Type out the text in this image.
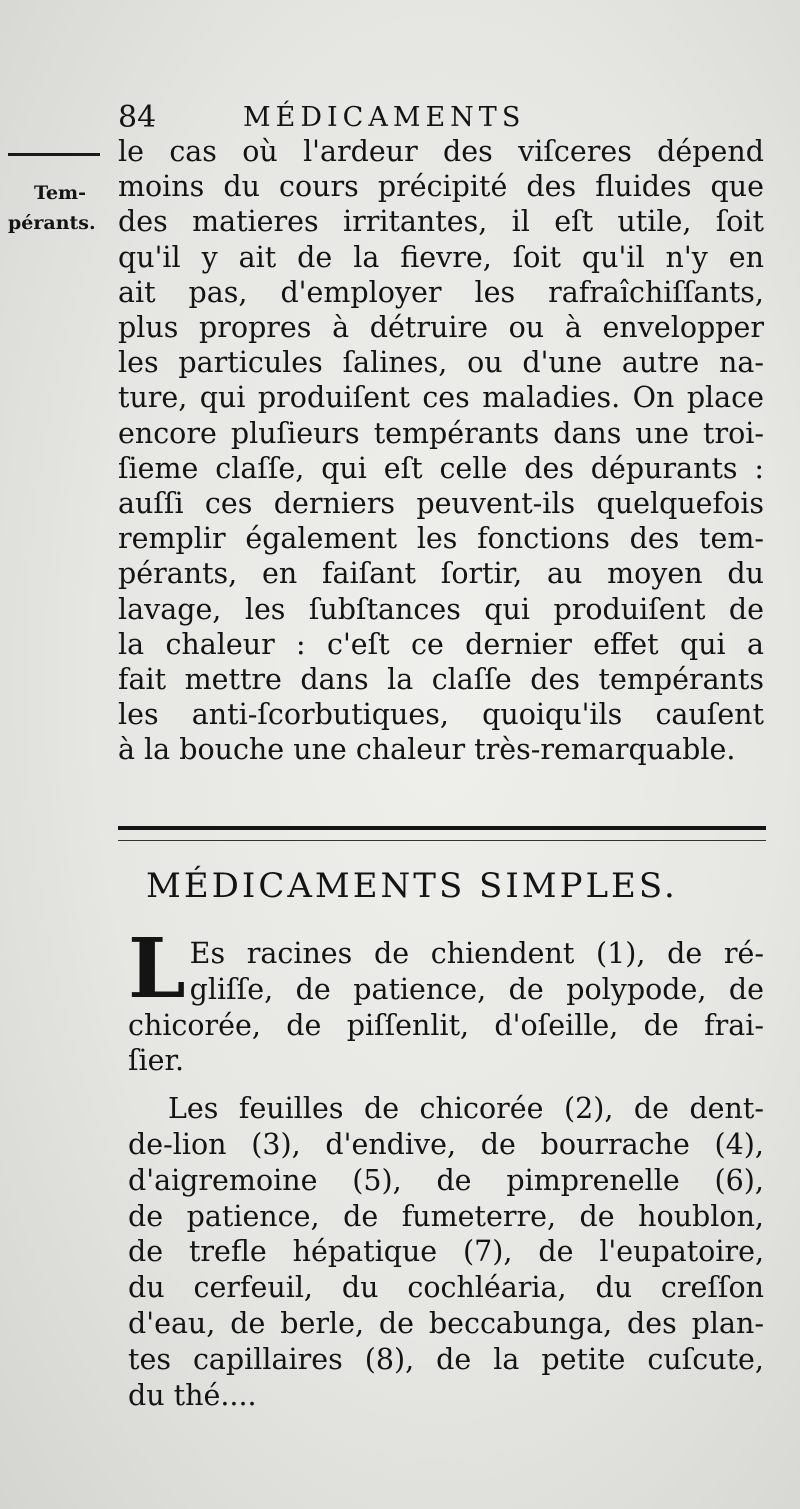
84	MÉDICAMENTS
Tem-
pérants.
le cas où l'ardeur des viſceres dépend
moins du cours précipité des fluides que
des matieres irritantes, il eſt utile, ſoit
qu'il y ait de la fievre, ſoit qu'il n'y en
ait pas, d'employer les rafraîchiſſants,
plus propres à détruire ou à envelopper
les particules ſalines, ou d'une autre na-
ture, qui produiſent ces maladies. On place
encore pluſieurs tempérants dans une troi-
ſieme claſſe, qui eſt celle des dépurants :
auſſi ces derniers peuvent-ils quelquefois
remplir également les fonctions des tem-
pérants, en faiſant ſortir, au moyen du
lavage, les ſubſtances qui produiſent de
la chaleur : c'eſt ce dernier effet qui a
fait mettre dans la claſſe des tempérants
les anti-ſcorbutiques, quoiqu'ils cauſent
à la bouche une chaleur très-remarquable.
MÉDICAMENTS SIMPLES.
L Es racines de chiendent (1), de ré-
gliſſe, de patience, de polypode, de
chicorée, de piſſenlit, d'oſeille, de frai-
ſier.
Les feuilles de chicorée (2), de dent-
de-lion (3), d'endive, de bourrache (4),
d'aigremoine (5), de pimprenelle (6),
de patience, de fumeterre, de houblon,
de trefle hépatique (7), de l'eupatoire,
du cerfeuil, du cochléaria, du creſſon
d'eau, de berle, de beccabunga, des plan-
tes capillaires (8), de la petite cuſcute,
du thé....
